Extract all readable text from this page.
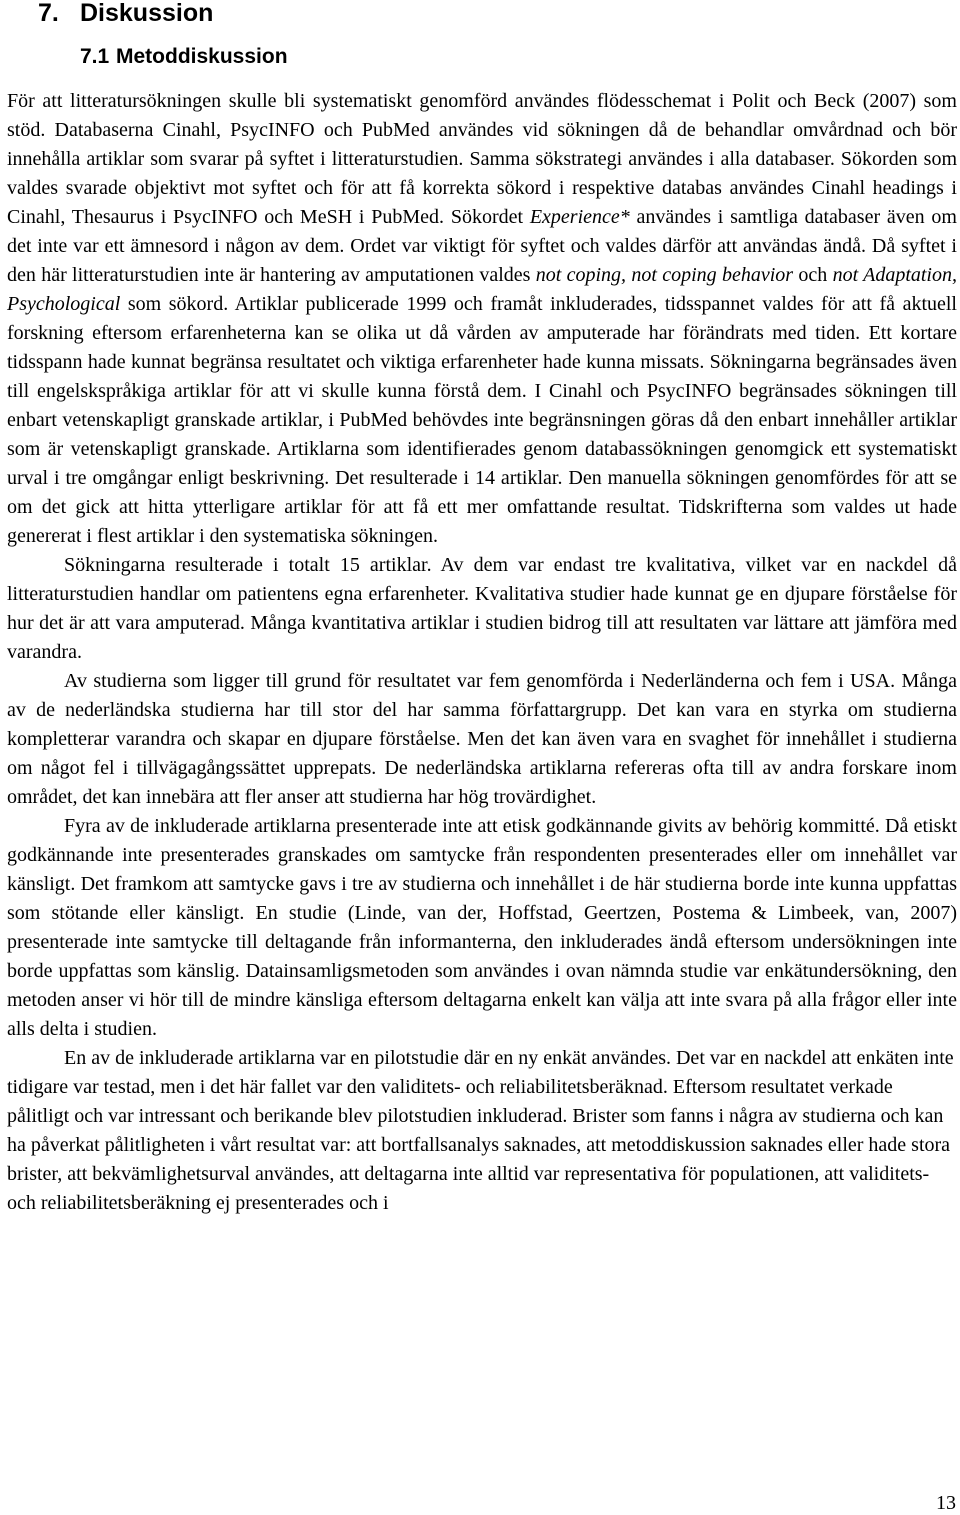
7. Diskussion
7.1 Metoddiskussion

För att litteratursökningen skulle bli systematiskt genomförd användes flödesschemat i Polit och Beck (2007) som stöd. Databaserna Cinahl, PsycINFO och PubMed användes vid sökningen då de behandlar omvårdnad och bör innehålla artiklar som svarar på syftet i litteraturstudien. Samma sökstrategi användes i alla databaser. Sökorden som valdes svarade objektivt mot syftet och för att få korrekta sökord i respektive databas användes Cinahl headings i Cinahl, Thesaurus i PsycINFO och MeSH i PubMed. Sökordet Experience* användes i samtliga databaser även om det inte var ett ämnesord i någon av dem. Ordet var viktigt för syftet och valdes därför att användas ändå. Då syftet i den här litteraturstudien inte är hantering av amputationen valdes not coping, not coping behavior och not Adaptation, Psychological som sökord. Artiklar publicerade 1999 och framåt inkluderades, tidsspannet valdes för att få aktuell forskning eftersom erfarenheterna kan se olika ut då vården av amputerade har förändrats med tiden. Ett kortare tidsspann hade kunnat begränsa resultatet och viktiga erfarenheter hade kunna missats. Sökningarna begränsades även till engelskspråkiga artiklar för att vi skulle kunna förstå dem. I Cinahl och PsycINFO begränsades sökningen till enbart vetenskapligt granskade artiklar, i PubMed behövdes inte begränsningen göras då den enbart innehåller artiklar som är vetenskapligt granskade. Artiklarna som identifierades genom databassökningen genomgick ett systematiskt urval i tre omgångar enligt beskrivning. Det resulterade i 14 artiklar. Den manuella sökningen genomfördes för att se om det gick att hitta ytterligare artiklar för att få ett mer omfattande resultat. Tidskrifterna som valdes ut hade genererat i flest artiklar i den systematiska sökningen.

Sökningarna resulterade i totalt 15 artiklar. Av dem var endast tre kvalitativa, vilket var en nackdel då litteraturstudien handlar om patientens egna erfarenheter. Kvalitativa studier hade kunnat ge en djupare förståelse för hur det är att vara amputerad. Många kvantitativa artiklar i studien bidrog till att resultaten var lättare att jämföra med varandra.

Av studierna som ligger till grund för resultatet var fem genomförda i Nederländerna och fem i USA. Många av de nederländska studierna har till stor del har samma författargrupp. Det kan vara en styrka om studierna kompletterar varandra och skapar en djupare förståelse. Men det kan även vara en svaghet för innehållet i studierna om något fel i tillvägagångssättet upprepats. De nederländska artiklarna refereras ofta till av andra forskare inom området, det kan innebära att fler anser att studierna har hög trovärdighet.

Fyra av de inkluderade artiklarna presenterade inte att etisk godkännande givits av behörig kommitté. Då etiskt godkännande inte presenterades granskades om samtycke från respondenten presenterades eller om innehållet var känsligt. Det framkom att samtycke gavs i tre av studierna och innehållet i de här studierna borde inte kunna uppfattas som stötande eller känsligt. En studie (Linde, van der, Hoffstad, Geertzen, Postema & Limbeek, van, 2007) presenterade inte samtycke till deltagande från informanterna, den inkluderades ändå eftersom undersökningen inte borde uppfattas som känslig. Datainsamligsmetoden som användes i ovan nämnda studie var enkätundersökning, den metoden anser vi hör till de mindre känsliga eftersom deltagarna enkelt kan välja att inte svara på alla frågor eller inte alls delta i studien.

En av de inkluderade artiklarna var en pilotstudie där en ny enkät användes. Det var en nackdel att enkäten inte tidigare var testad, men i det här fallet var den validitets- och reliabilitetsberäknad. Eftersom resultatet verkade pålitligt och var intressant och berikande blev pilotstudien inkluderad. Brister som fanns i några av studierna och kan ha påverkat pålitligheten i vårt resultat var: att bortfallsanalys saknades, att metoddiskussion saknades eller hade stora brister, att bekvämlighetsurval användes, att deltagarna inte alltid var representativa för populationen, att validitets- och reliabilitetsberäkning ej presenterades och i

13
